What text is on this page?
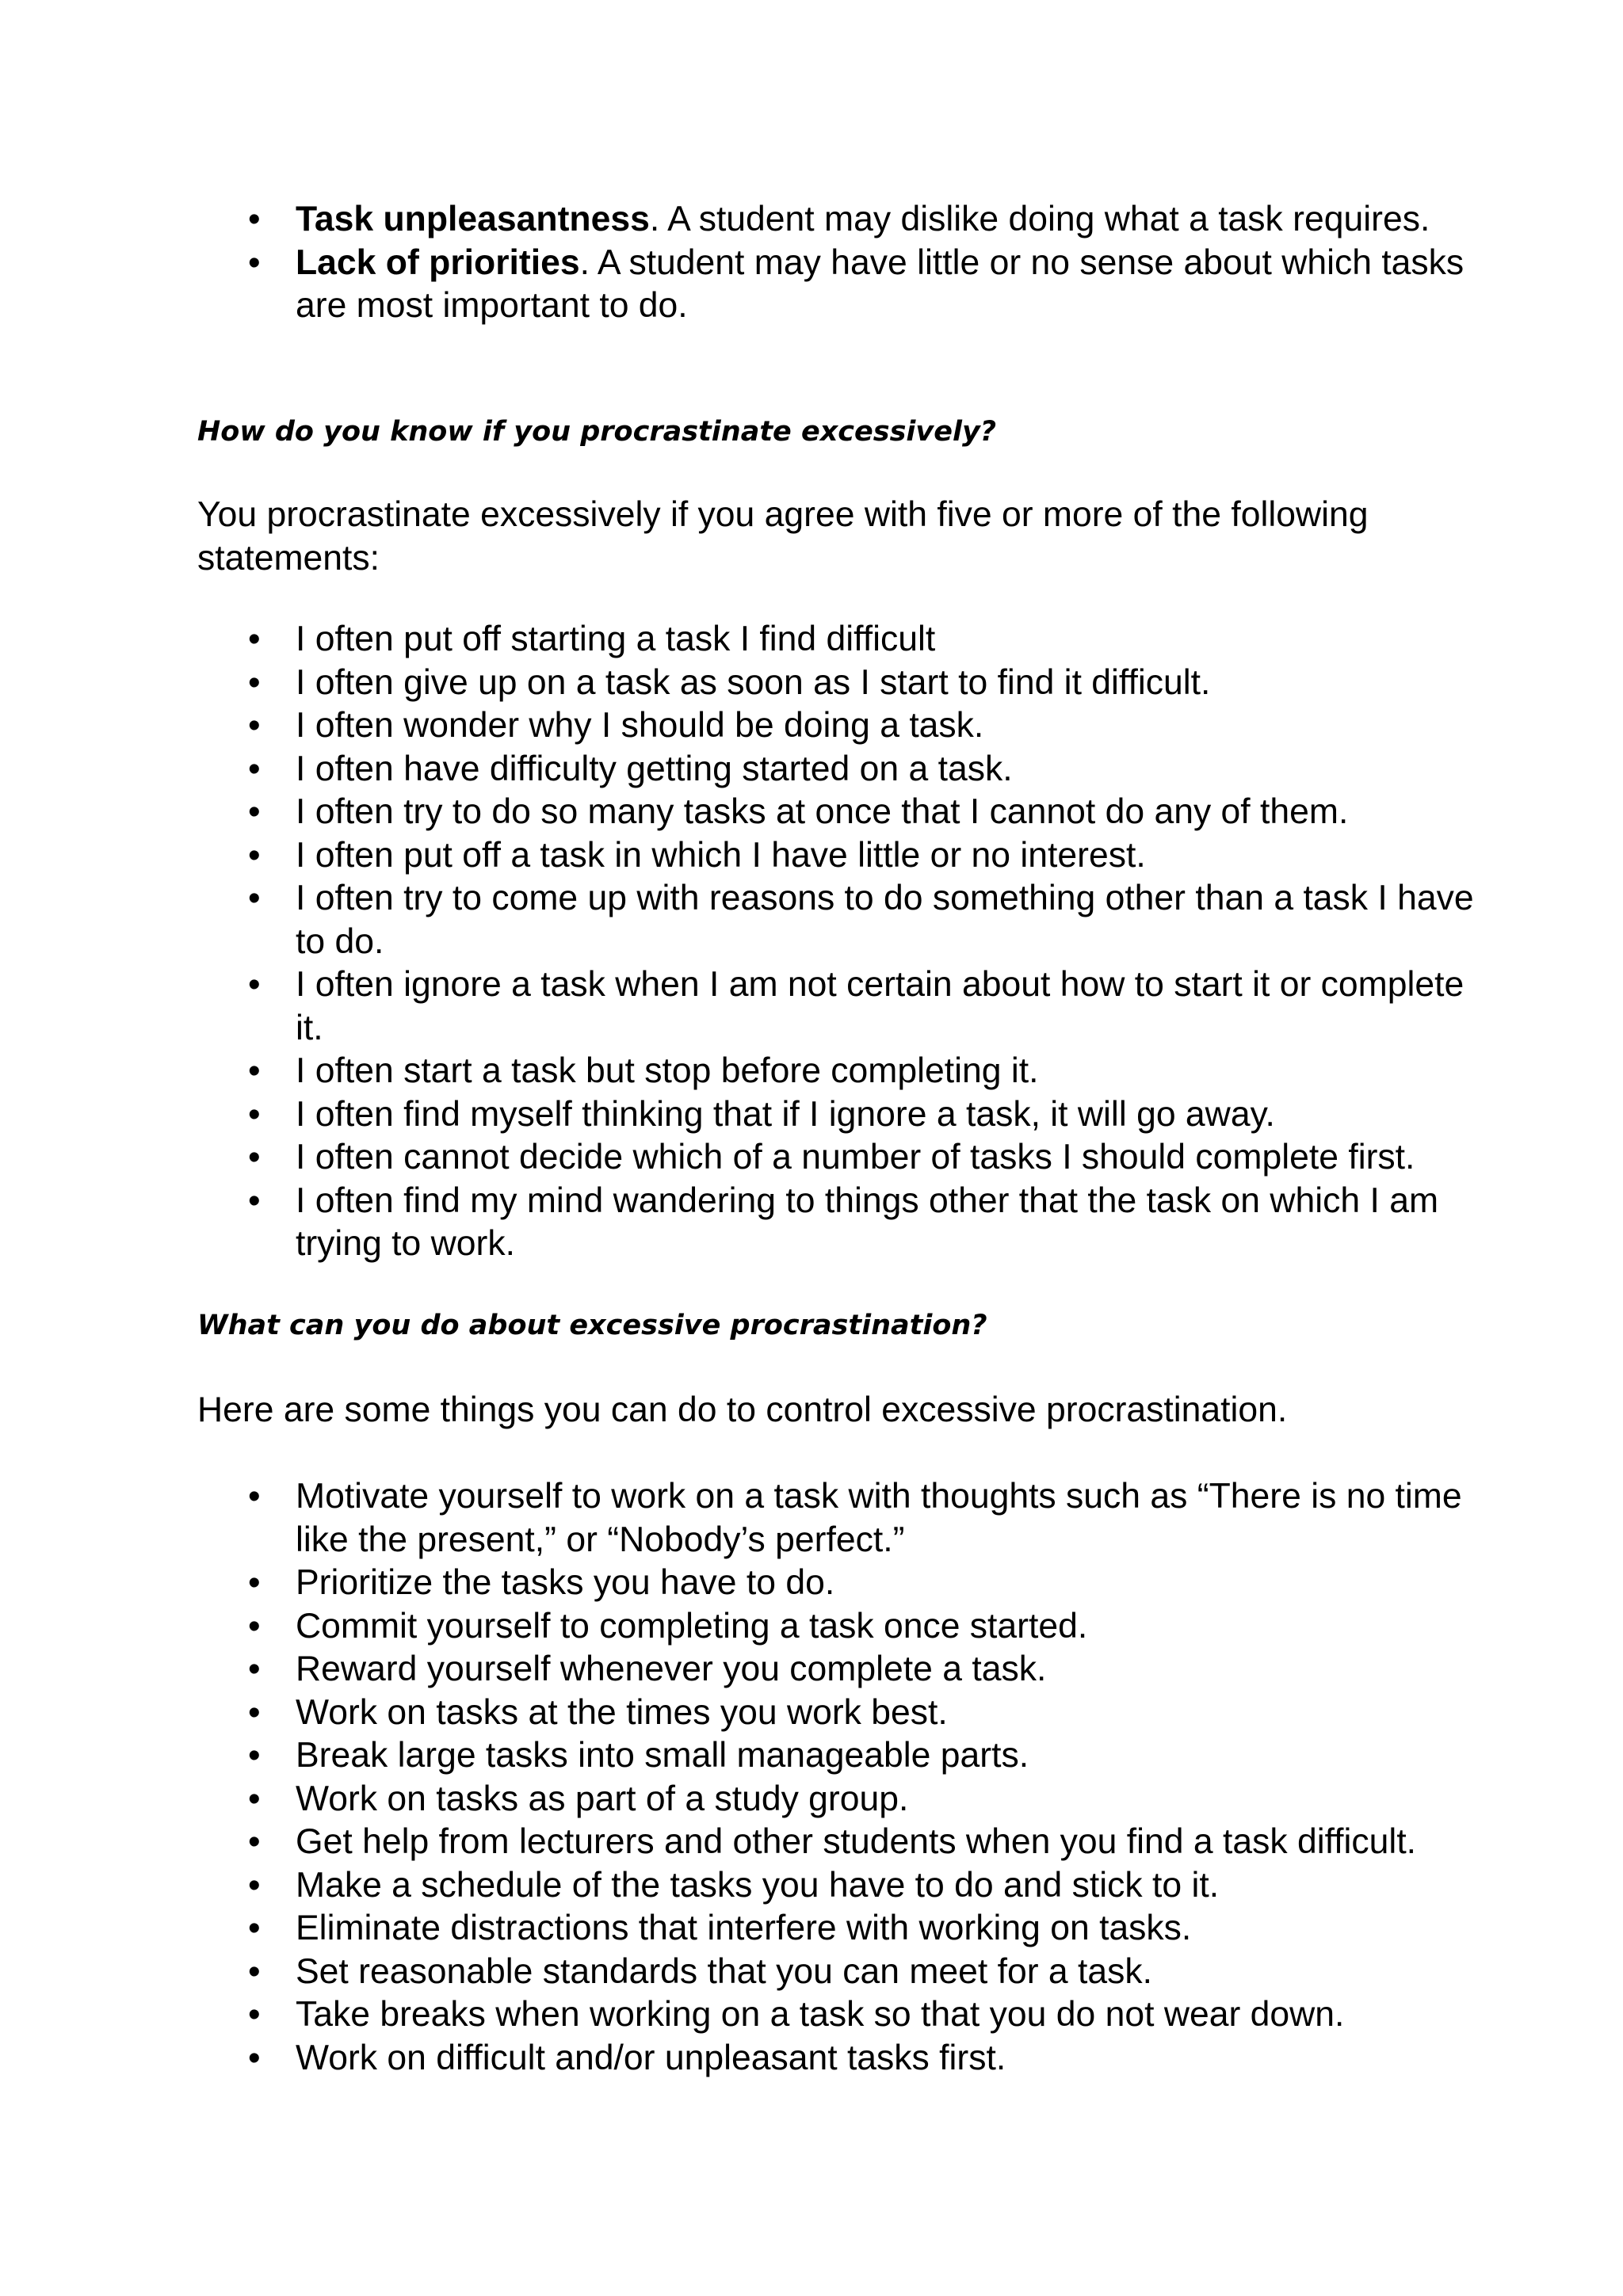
• Task unpleasantness. A student may dislike doing what a task requires.
• Lack of priorities. A student may have little or no sense about which tasks are most important to do.
How do you know if you procrastinate excessively?
You procrastinate excessively if you agree with five or more of the following statements:
• I often put off starting a task I find difficult
• I often give up on a task as soon as I start to find it difficult.
• I often wonder why I should be doing a task.
• I often have difficulty getting started on a task.
• I often try to do so many tasks at once that I cannot do any of them.
• I often put off a task in which I have little or no interest.
• I often try to come up with reasons to do something other than a task I have to do.
• I often ignore a task when I am not certain about how to start it or complete it.
• I often start a task but stop before completing it.
• I often find myself thinking that if I ignore a task, it will go away.
• I often cannot decide which of a number of tasks I should complete first.
• I often find my mind wandering to things other that the task on which I am trying to work.
What can you do about excessive procrastination?
Here are some things you can do to control excessive procrastination.
• Motivate yourself to work on a task with thoughts such as “There is no time like the present,” or “Nobody’s perfect.”
• Prioritize the tasks you have to do.
• Commit yourself to completing a task once started.
• Reward yourself whenever you complete a task.
• Work on tasks at the times you work best.
• Break large tasks into small manageable parts.
• Work on tasks as part of a study group.
• Get help from lecturers and other students when you find a task difficult.
• Make a schedule of the tasks you have to do and stick to it.
• Eliminate distractions that interfere with working on tasks.
• Set reasonable standards that you can meet for a task.
• Take breaks when working on a task so that you do not wear down.
• Work on difficult and/or unpleasant tasks first.
